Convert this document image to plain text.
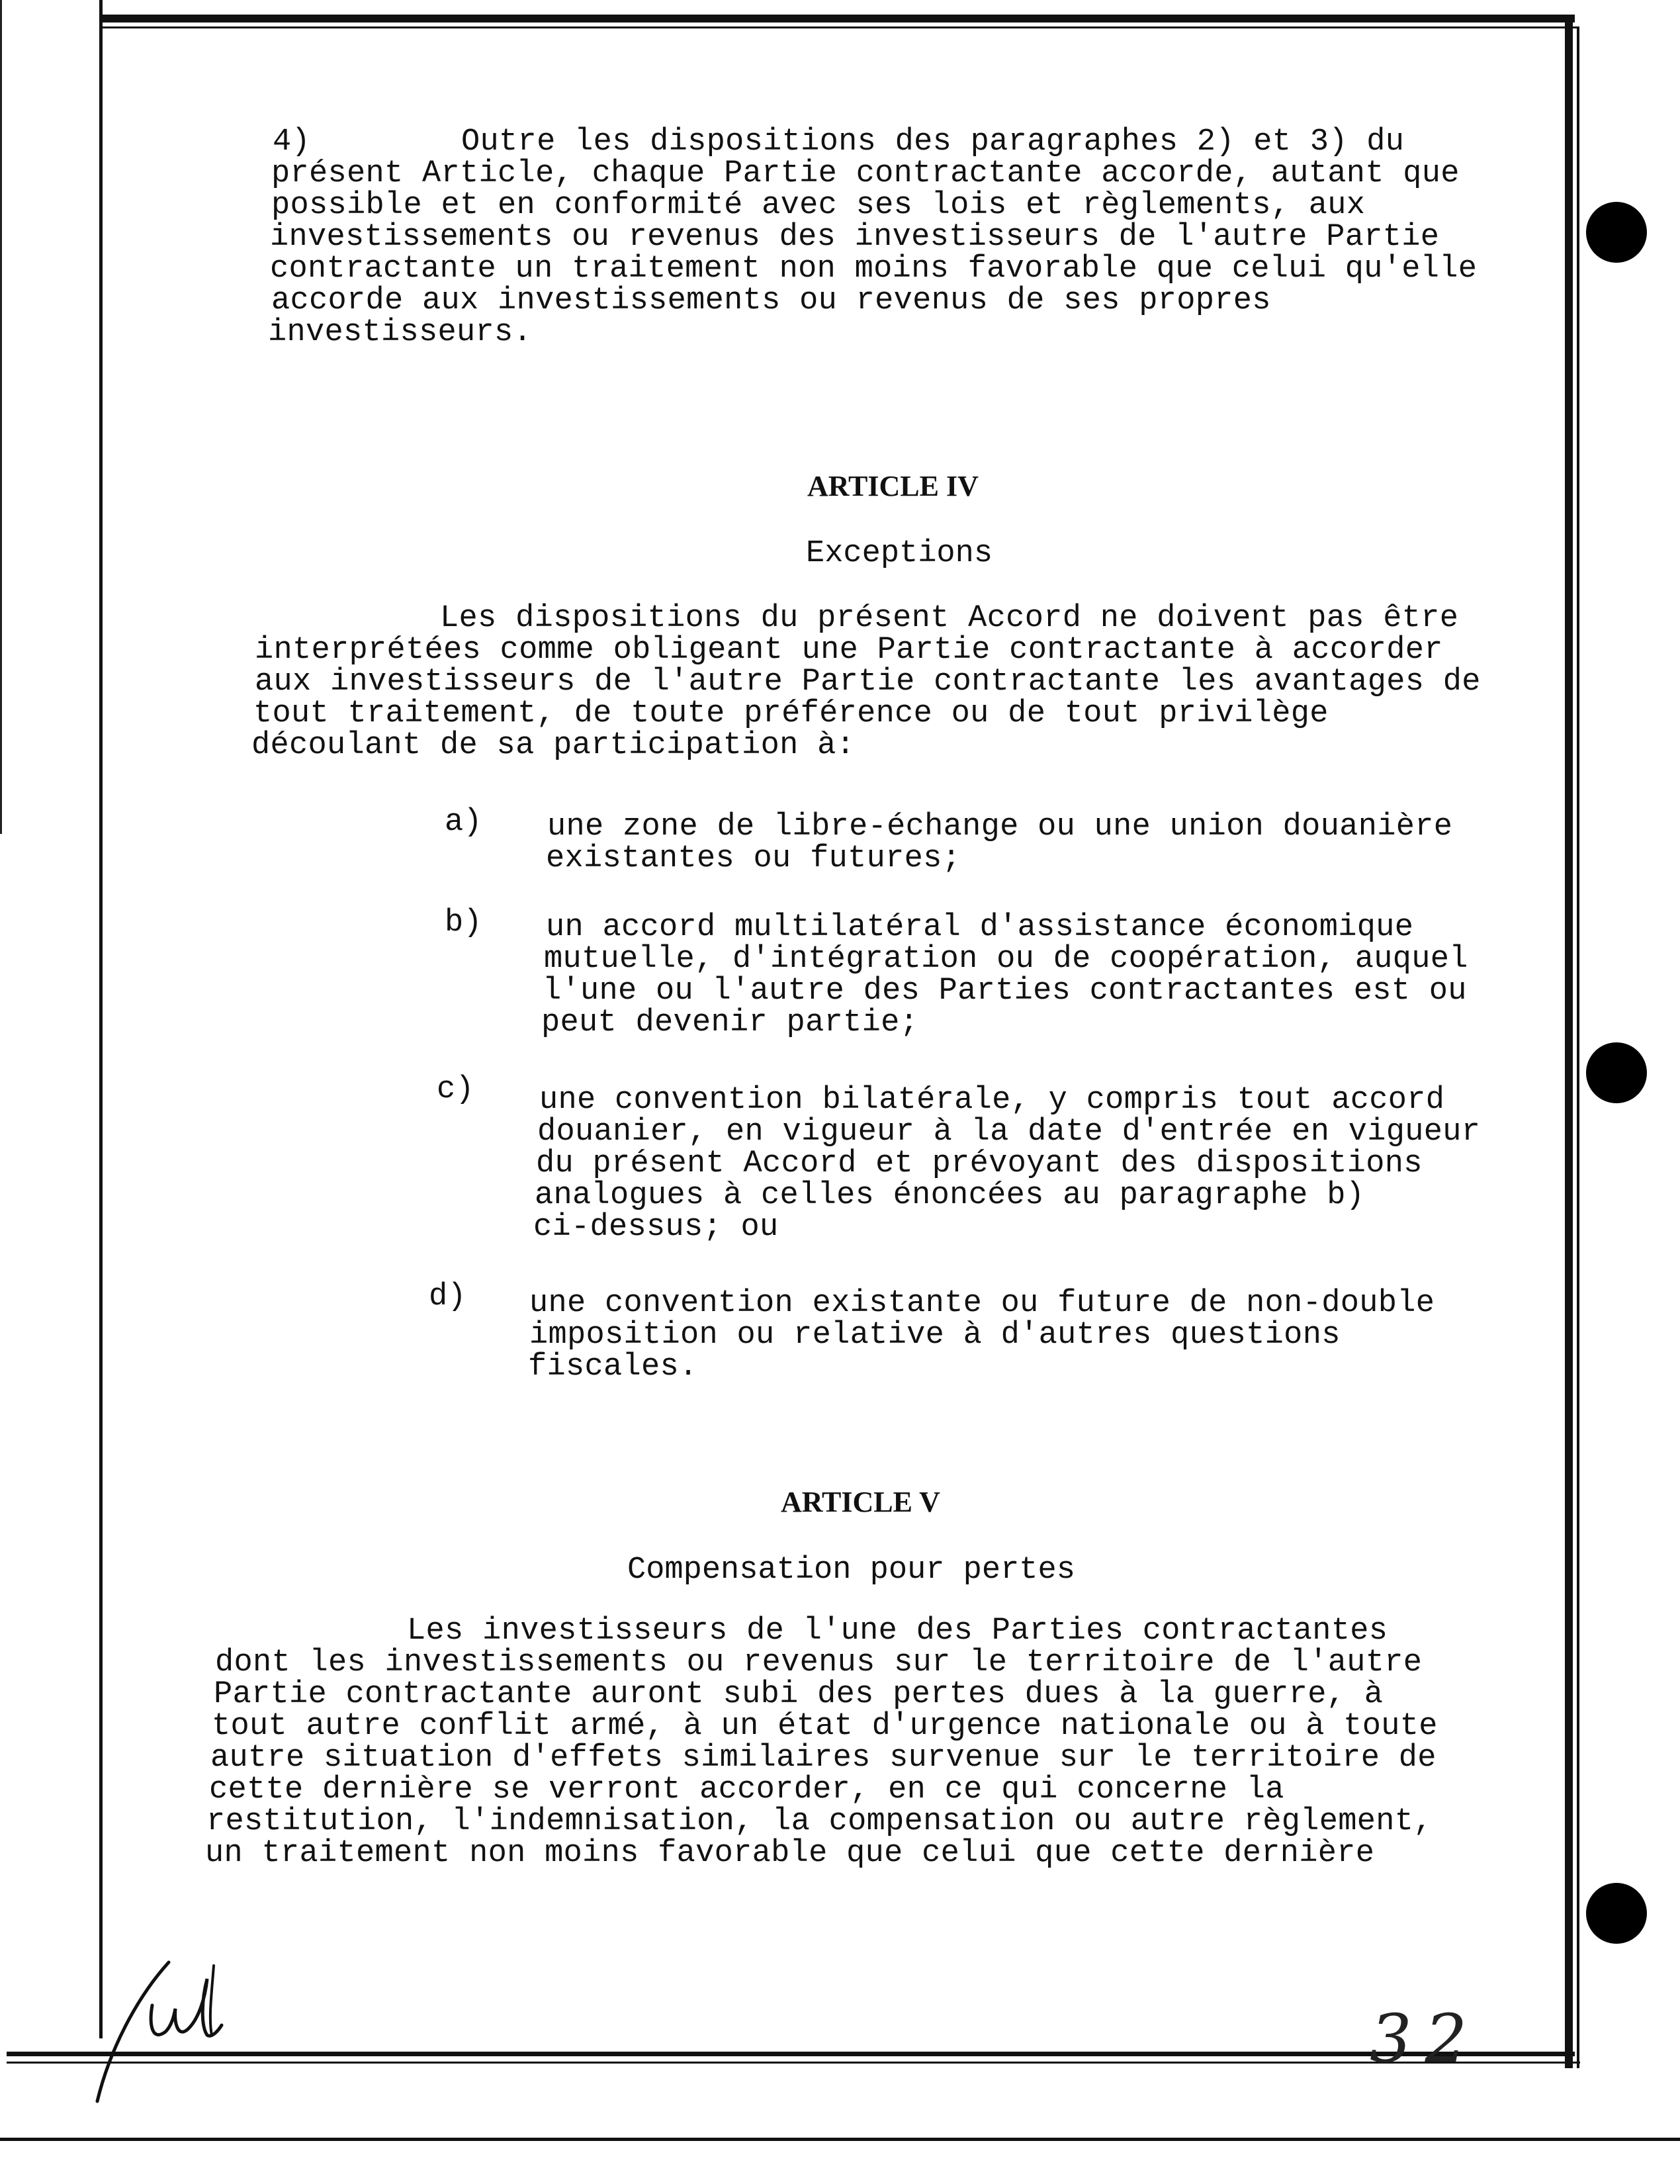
4)        Outre les dispositions des paragraphes 2) et 3) du
présent Article, chaque Partie contractante accorde, autant que
possible et en conformité avec ses lois et règlements, aux
investissements ou revenus des investisseurs de l'autre Partie
contractante un traitement non moins favorable que celui qu'elle
accorde aux investissements ou revenus de ses propres
investisseurs.
ARTICLE IV
Exceptions
Les dispositions du présent Accord ne doivent pas être
interprétées comme obligeant une Partie contractante à accorder
aux investisseurs de l'autre Partie contractante les avantages de
tout traitement, de toute préférence ou de tout privilège
découlant de sa participation à:
a) une zone de libre-échange ou une union douanière
existantes ou futures;
b) un accord multilatéral d'assistance économique
mutuelle, d'intégration ou de coopération, auquel
l'une ou l'autre des Parties contractantes est ou
peut devenir partie;
c) une convention bilatérale, y compris tout accord
douanier, en vigueur à la date d'entrée en vigueur
du présent Accord et prévoyant des dispositions
analogues à celles énoncées au paragraphe b)
ci-dessus; ou
d) une convention existante ou future de non-double
imposition ou relative à d'autres questions
fiscales.
ARTICLE V
Compensation pour pertes
Les investisseurs de l'une des Parties contractantes
dont les investissements ou revenus sur le territoire de l'autre
Partie contractante auront subi des pertes dues à la guerre, à
tout autre conflit armé, à un état d'urgence nationale ou à toute
autre situation d'effets similaires survenue sur le territoire de
cette dernière se verront accorder, en ce qui concerne la
restitution, l'indemnisation, la compensation ou autre règlement,
un traitement non moins favorable que celui que cette dernière
32
